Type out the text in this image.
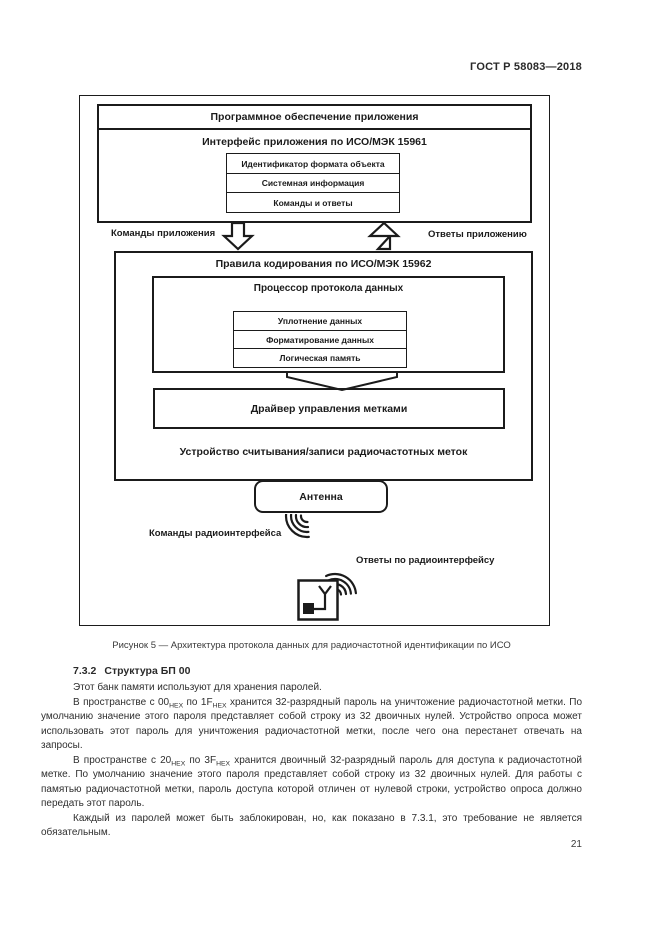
ГОСТ Р 58083—2018
Программное обеспечение приложения
Интерфейс приложения по ИСО/МЭК 15961
Идентификатор формата объекта
Системная информация
Команды и ответы
Команды приложения	Ответы приложению
Правила кодирования по ИСО/МЭК 15962
Процессор протокола данных
Уплотнение данных
Форматирование данных
Логическая память
Драйвер управления метками
Устройство считывания/записи радиочастотных меток
Антенна
Команды радиоинтерфейса
Ответы по радиоинтерфейсу
Рисунок 5 — Архитектура протокола данных для радиочастотной идентификации по ИСО
7.3.2 Структура БП 00

Этот банк памяти используют для хранения паролей.

В пространстве с $00_{HEX}$ по $1F_{HEX}$ хранится 32-разрядный пароль на уничтожение радиочастотной метки. По умолчанию значение этого пароля представляет собой строку из 32 двоичных нулей. Устройство опроса может использовать этот пароль для уничтожения радиочастотной метки, после чего она перестанет отвечать на запросы.

В пространстве с $20_{HEX}$ по $3F_{HEX}$ хранится двоичный 32-разрядный пароль для доступа к радиочастотной метке. По умолчанию значение этого пароля представляет собой строку из 32 двоичных нулей. Для работы с памятью радиочастотной метки, пароль доступа которой отличен от нулевой строки, устройство опроса должно передать этот пароль.

Каждый из паролей может быть заблокирован, но, как показано в 7.3.1, это требование не является обязательным.

21
